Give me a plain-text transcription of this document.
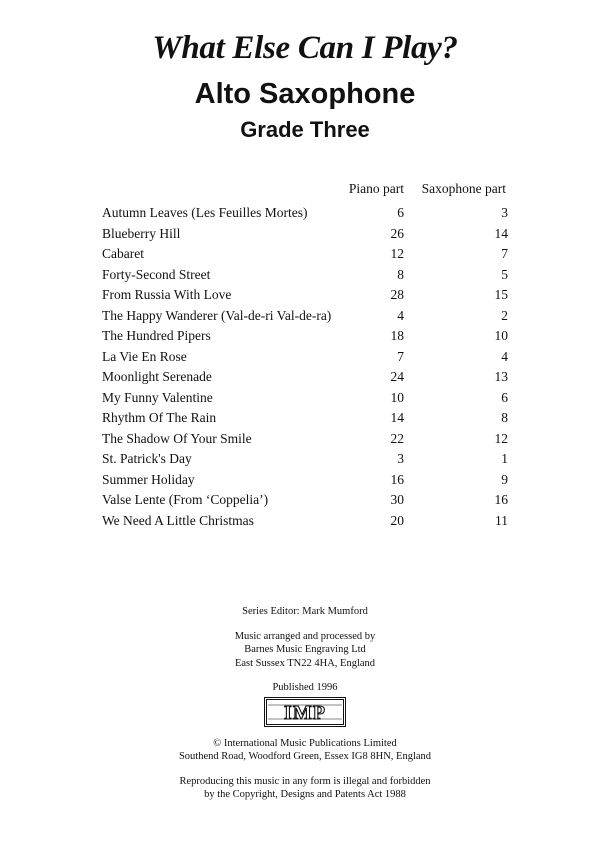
What Else Can I Play?
Alto Saxophone
Grade Three
Piano part Saxophone part
Autumn Leaves (Les Feuilles Mortes)	6	3
Blueberry Hill	26	14
Cabaret	12	7
Forty-Second Street	8	5
From Russia With Love	28	15
The Happy Wanderer (Val-de-ri Val-de-ra)	4	2
The Hundred Pipers	18	10
La Vie En Rose	7	4
Moonlight Serenade	24	13
My Funny Valentine	10	6
Rhythm Of The Rain	14	8
The Shadow Of Your Smile	22	12
St. Patrick's Day	3	1
Summer Holiday	16	9
Valse Lente (From ‘Coppelia’)	30	16
We Need A Little Christmas	20	11
Series Editor: Mark Mumford
Music arranged and processed by
Barnes Music Engraving Ltd
East Sussex TN22 4HA, England
Published 1996
IMP
© International Music Publications Limited
Southend Road, Woodford Green, Essex IG8 8HN, England
Reproducing this music in any form is illegal and forbidden
by the Copyright, Designs and Patents Act 1988
